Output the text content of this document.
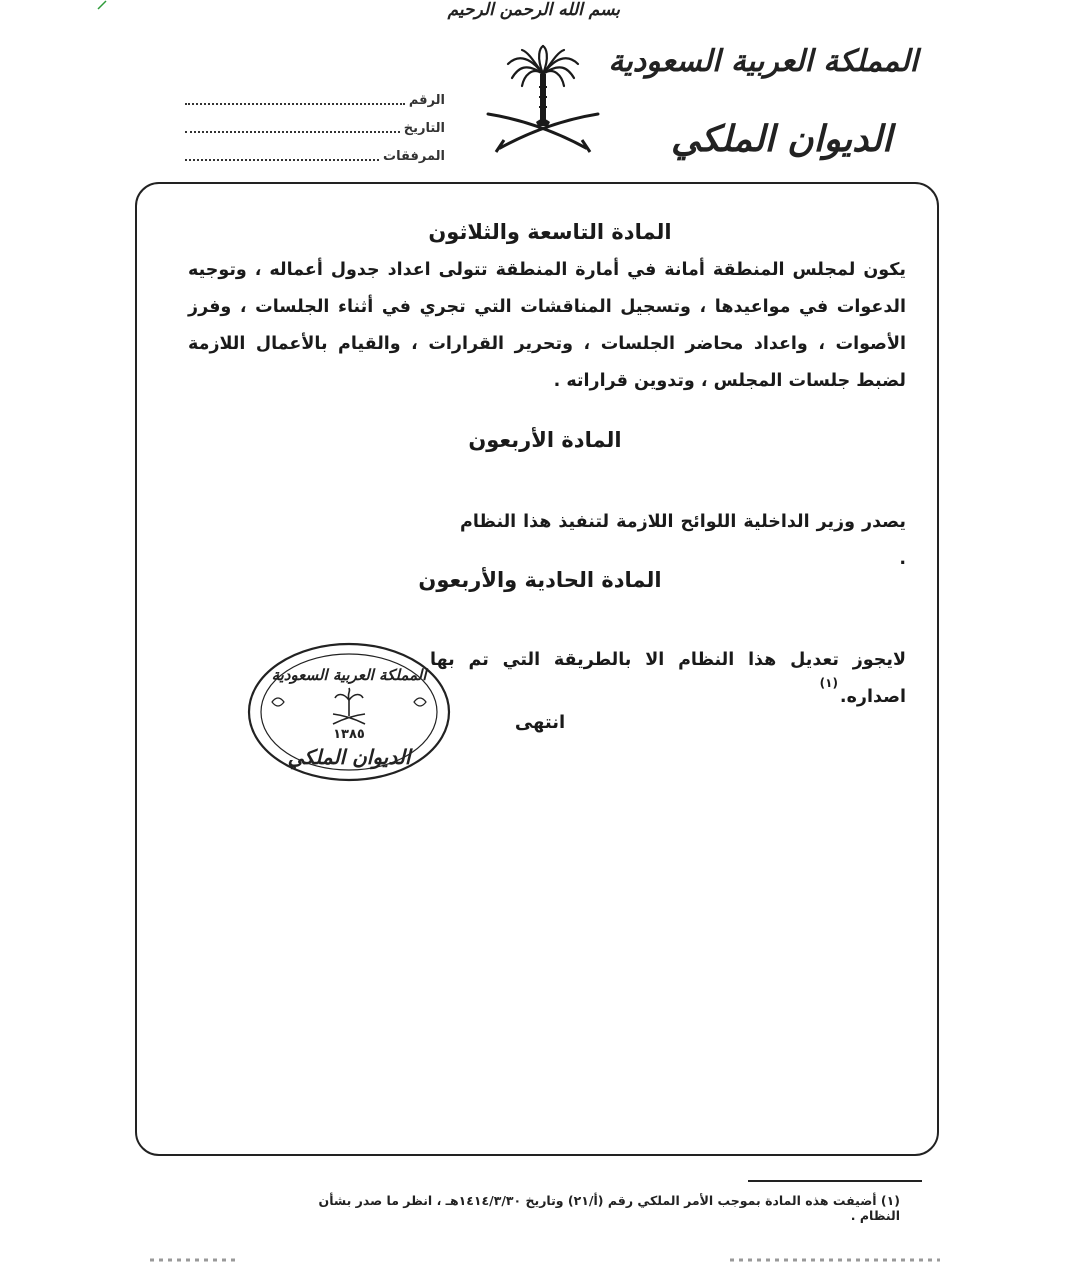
بسم الله الرحمن الرحيم
المملكة العربية السعودية
الديوان الملكي
الرقم
التاريخ
المرفقات
المادة التاسعة والثلاثون
يكون لمجلس المنطقة أمانة في أمارة المنطقة تتولى اعداد جدول أعماله ، وتوجيه الدعوات في مواعيدها ، وتسجيل المناقشات التي تجري في أثناء الجلسات ، وفرز الأصوات ، واعداد محاضر الجلسات ، وتحرير القرارات ، والقيام بالأعمال اللازمة لضبط جلسات المجلس ، وتدوين قراراته .
المادة الأربعون
يصدر وزير الداخلية اللوائح اللازمة لتنفيذ هذا النظام .
المادة الحادية والأربعون
لايجوز تعديل هذا النظام الا بالطريقة التي تم بها اصداره.$^{(١)}$
انتهى
المملكة العربية السعودية
١٣٨٥
الديوان الملكي
(١) أضيفت هذه المادة بموجب الأمر الملكي رقم (أ/٢١) وتاريخ ١٤١٤/٣/٣٠هـ ، انظر ما صدر بشأن النظام .
